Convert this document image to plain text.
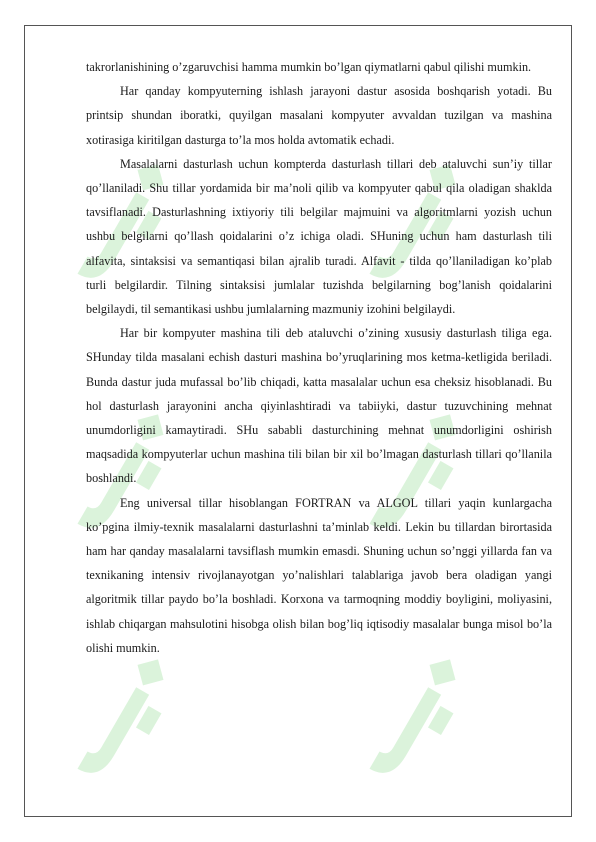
takrorlanishining o’zgaruvchisi hamma mumkin bo’lgan qiymatlarni qabul qilishi mumkin.

Har qanday kompyuterning ishlash jarayoni dastur asosida boshqarish yotadi. Bu printsip shundan iboratki, quyilgan masalani kompyuter avvaldan tuzilgan va mashina xotirasiga kiritilgan dasturga to’la mos holda avtomatik echadi.

Masalalarni dasturlash uchun kompterda dasturlash tillari deb ataluvchi sun’iy tillar qo’llaniladi. Shu tillar yordamida bir ma’noli qilib va kompyuter qabul qila oladigan shaklda tavsiflanadi. Dasturlashning ixtiyoriy tili belgilar majmuini va algoritmlarni yozish uchun ushbu belgilarni qo’llash qoidalarini o’z ichiga oladi. SHuning uchun ham dasturlash tili alfavita, sintaksisi va semantiqasi bilan ajralib turadi. Alfavit - tilda qo’llaniladigan ko’plab turli belgilardir. Tilning sintaksisi jumlalar tuzishda belgilarning bog’lanish qoidalarini belgilaydi, til semantikasi ushbu jumlalarning mazmuniy izohini belgilaydi.

Har bir kompyuter mashina tili deb ataluvchi o’zining xususiy dasturlash tiliga ega. SHunday tilda masalani echish dasturi mashina bo’yruqlarining mos ketma-ketligida beriladi. Bunda dastur juda mufassal bo’lib chiqadi, katta masalalar uchun esa cheksiz hisoblanadi. Bu hol dasturlash jarayonini ancha qiyinlashtiradi va tabiiyki, dastur tuzuvchining mehnat unumdorligini kamaytiradi. SHu sababli dasturchining mehnat unumdorligini oshirish maqsadida kompyuterlar uchun mashina tili bilan bir xil bo’lmagan dasturlash tillari qo’llanila boshlandi.

Eng universal tillar hisoblangan FORTRAN va ALGOL tillari yaqin kunlargacha ko’pgina ilmiy-texnik masalalarni dasturlashni ta’minlab keldi. Lekin bu tillardan birortasida ham har qanday masalalarni tavsiflash mumkin emasdi. Shuning uchun so’nggi yillarda fan va texnikaning intensiv rivojlanayotgan yo’nalishlari talablariga javob bera oladigan yangi algoritmik tillar paydo bo’la boshladi. Korxona va tarmoqning moddiy boyligini, moliyasini, ishlab chiqargan mahsulotini hisobga olish bilan bog’liq iqtisodiy masalalar bunga misol bo’la olishi mumkin.
